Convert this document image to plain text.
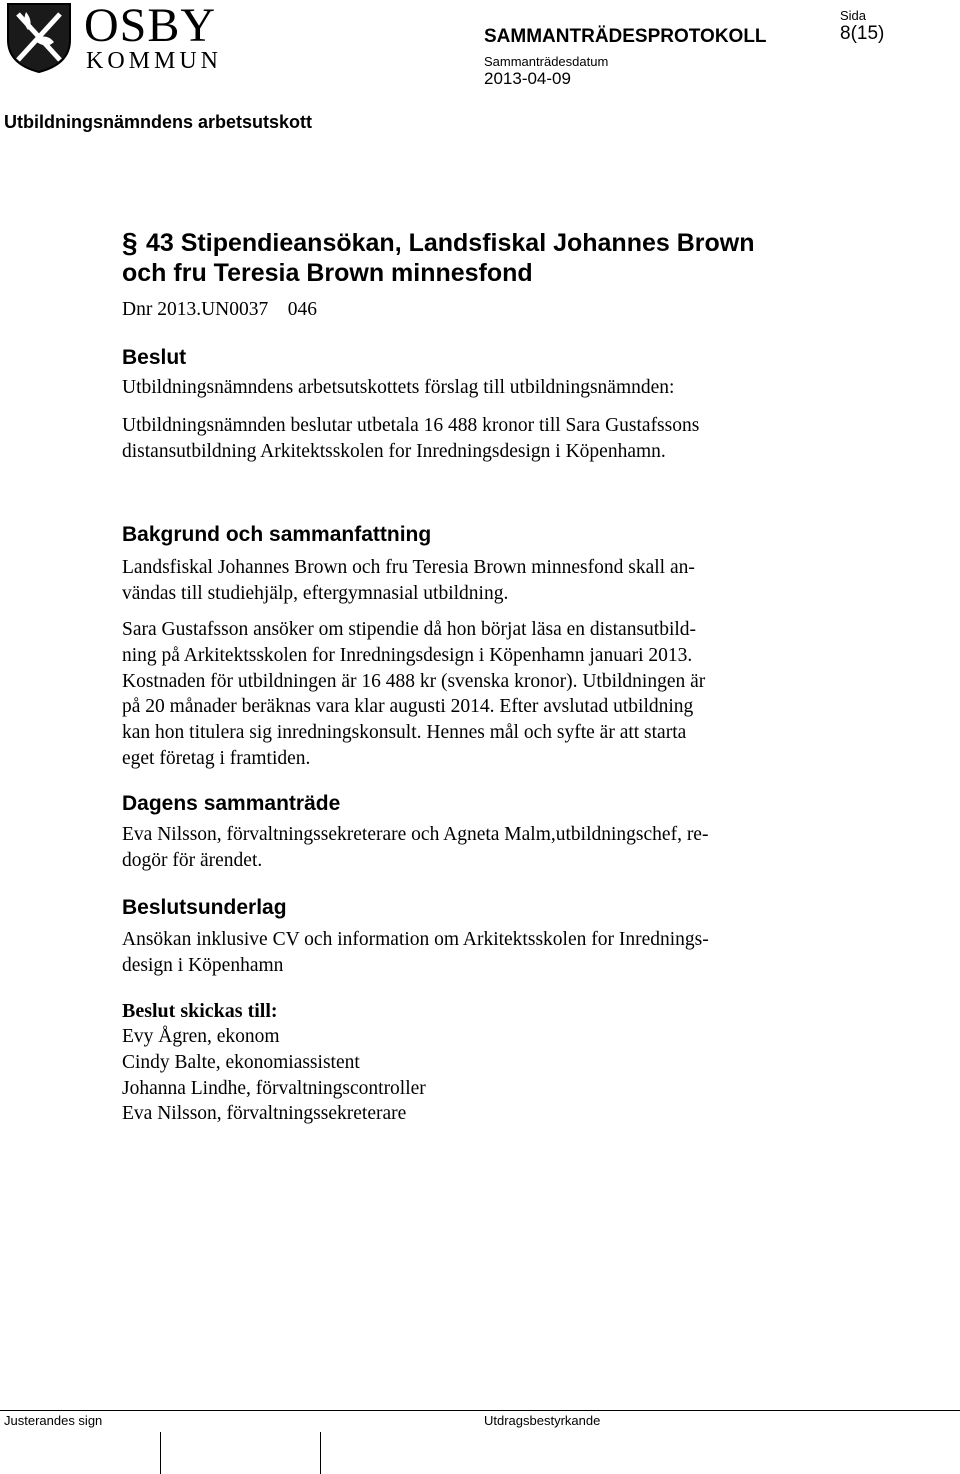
OSBY
KOMMUN
SAMMANTRÄDESPROTOKOLL
Sammanträdesdatum
2013-04-09
Sida
8(15)
Utbildningsnämndens arbetsutskott
§ 43 Stipendieansökan, Landsfiskal Johannes Brown
och fru Teresia Brown minnesfond
Dnr 2013.UN0037    046
Beslut
Utbildningsnämndens arbetsutskottets förslag till utbildningsnämnden:
Utbildningsnämnden beslutar utbetala 16 488 kronor till Sara Gustafssons
distansutbildning Arkitektsskolen for Inredningsdesign i Köpenhamn.
Bakgrund och sammanfattning
Landsfiskal Johannes Brown och fru Teresia Brown minnesfond skall an-
vändas till studiehjälp, eftergymnasial utbildning.
Sara Gustafsson ansöker om stipendie då hon börjat läsa en distansutbild-
ning på Arkitektsskolen for Inredningsdesign i Köpenhamn januari 2013.
Kostnaden för utbildningen är 16 488 kr (svenska kronor). Utbildningen är
på 20 månader beräknas vara klar augusti 2014. Efter avslutad utbildning
kan hon titulera sig inredningskonsult. Hennes mål och syfte är att starta
eget företag i framtiden.
Dagens sammanträde
Eva Nilsson, förvaltningssekreterare och Agneta Malm,utbildningschef, re-
dogör för ärendet.
Beslutsunderlag
Ansökan inklusive CV och information om Arkitektsskolen for Inrednings-
design i Köpenhamn
Beslut skickas till:
Evy Ågren, ekonom
Cindy Balte, ekonomiassistent
Johanna Lindhe, förvaltningscontroller
Eva Nilsson, förvaltningssekreterare
Justerandes sign	Utdragsbestyrkande
